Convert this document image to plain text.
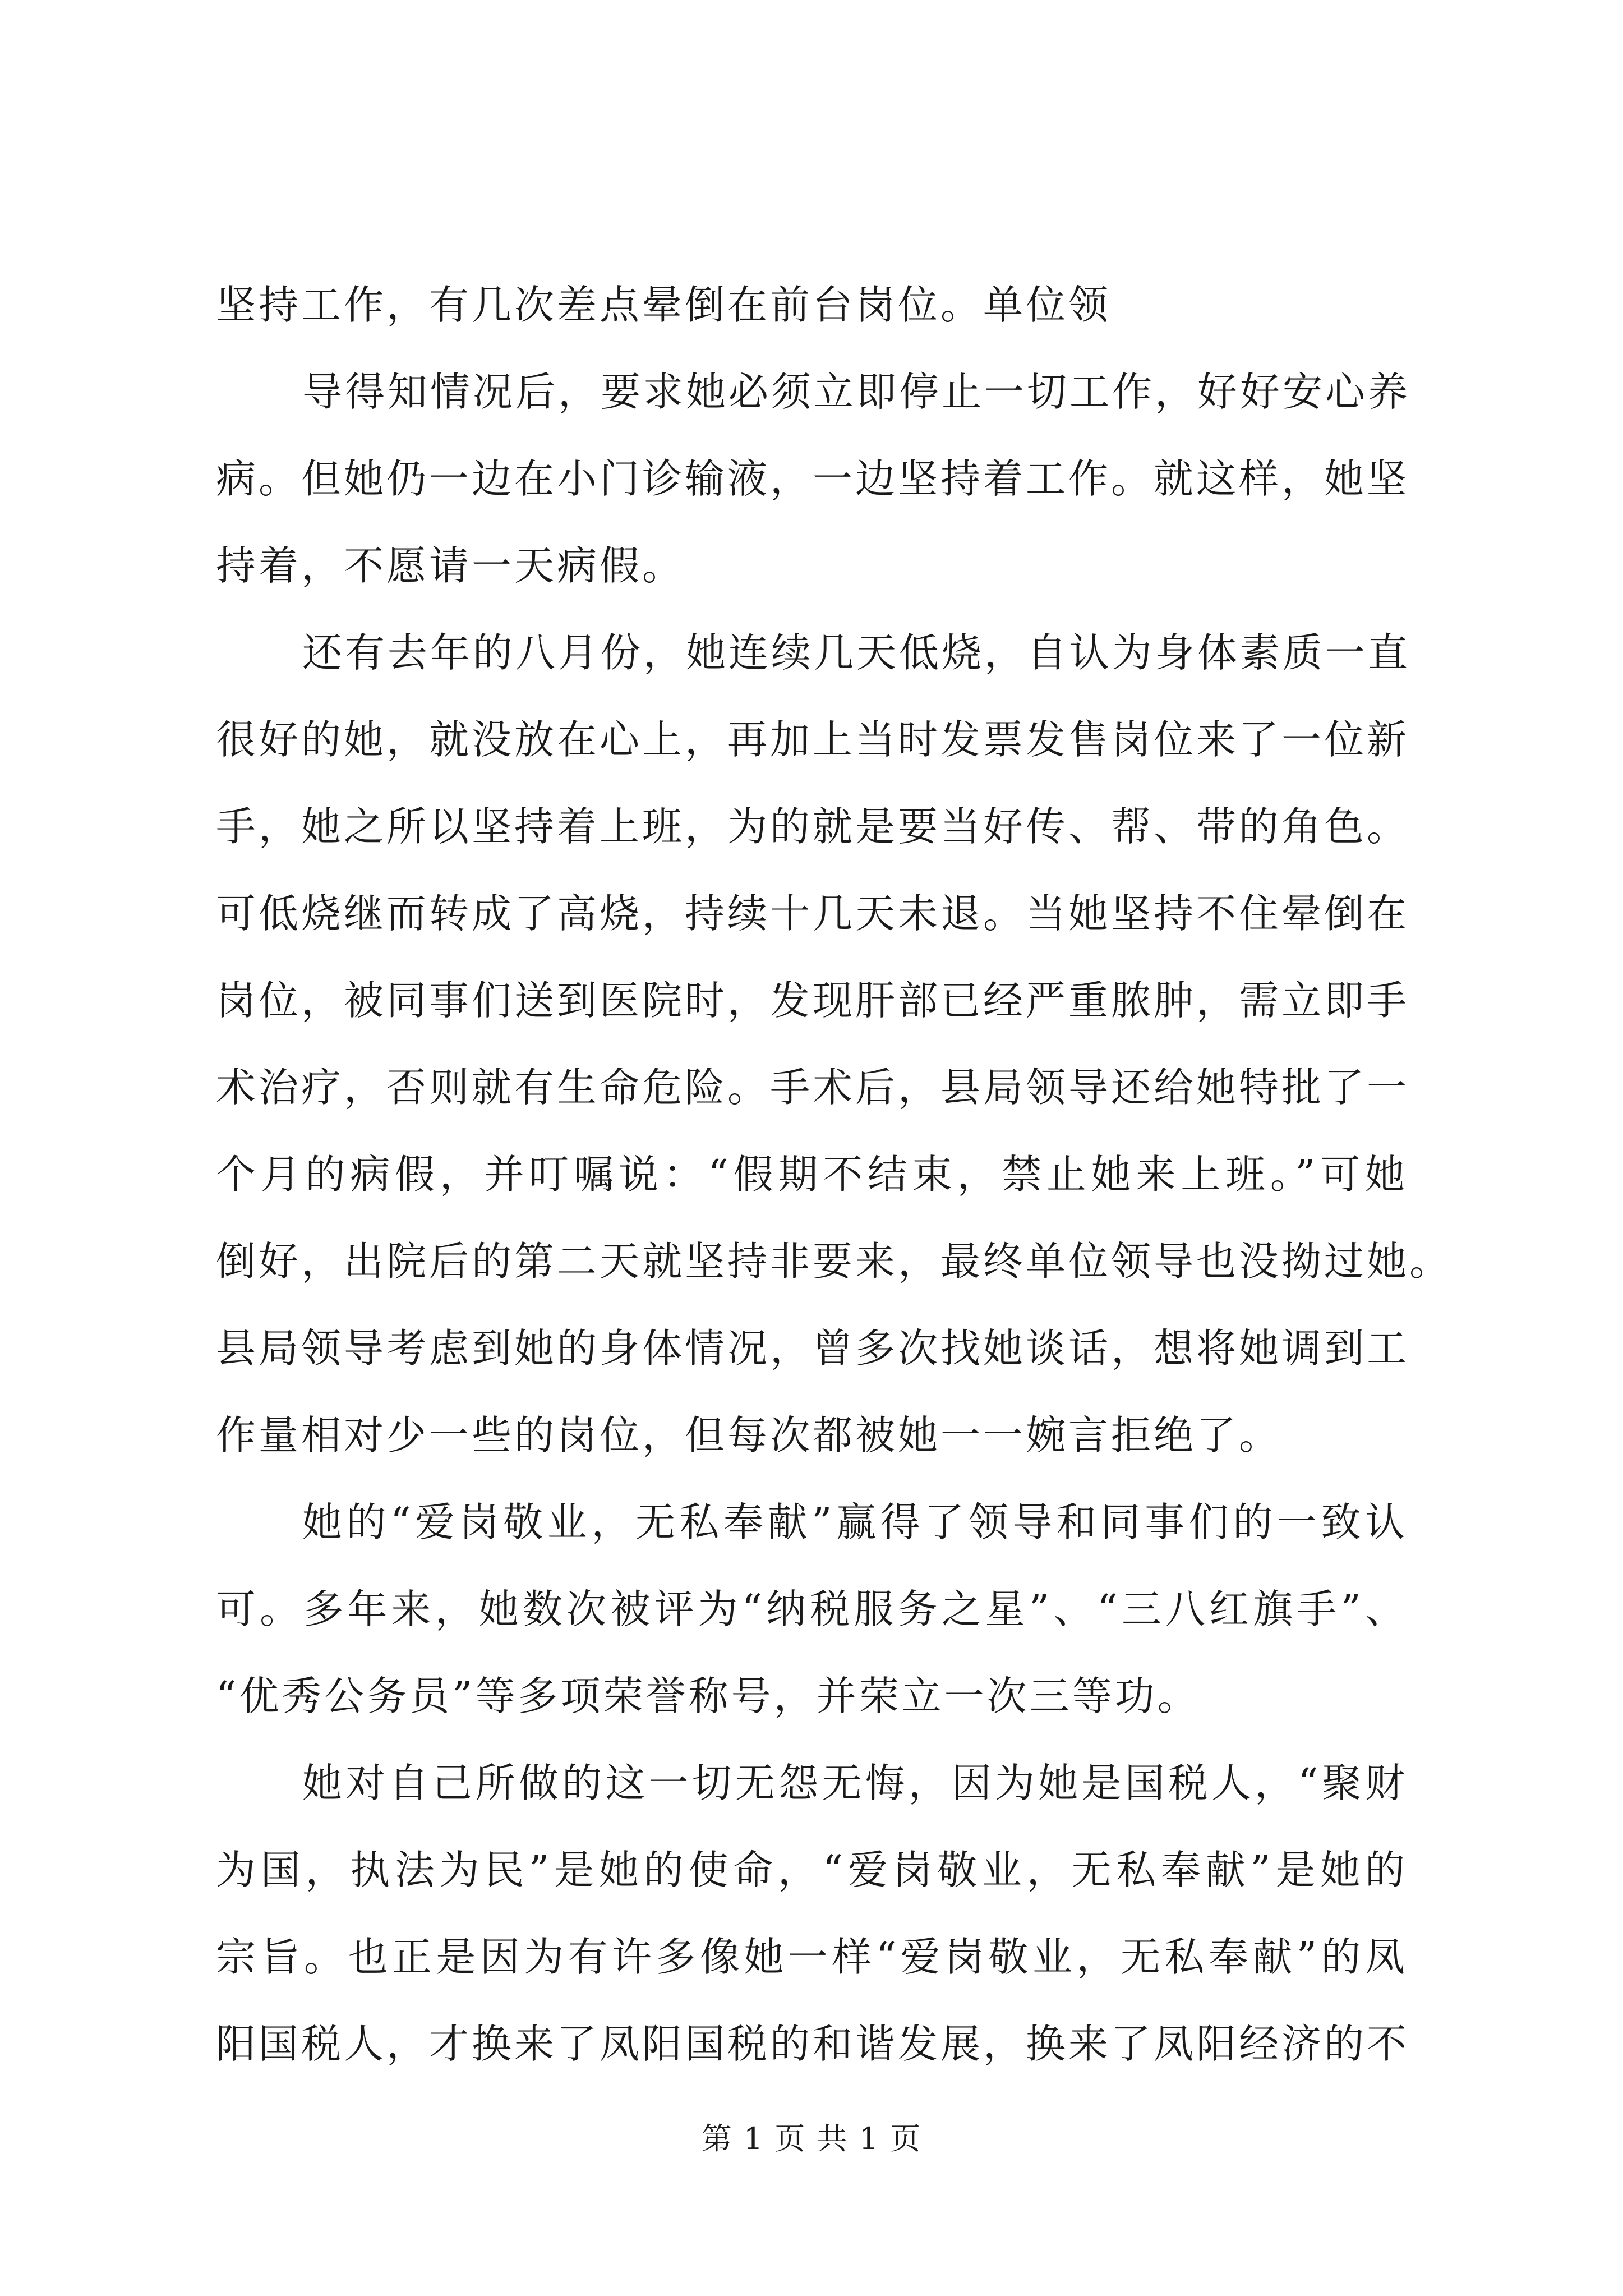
坚持工作，有几次差点晕倒在前台岗位。单位领
导得知情况后，要求她必须立即停止一切工作，好好安心养
病。但她仍一边在小门诊输液，一边坚持着工作。就这样，她坚
持着，不愿请一天病假。
还有去年的八月份，她连续几天低烧，自认为身体素质一直
很好的她，就没放在心上，再加上当时发票发售岗位来了一位新
手，她之所以坚持着上班，为的就是要当好传、帮、带的角色。
可低烧继而转成了高烧，持续十几天未退。当她坚持不住晕倒在
岗位，被同事们送到医院时，发现肝部已经严重脓肿，需立即手
术治疗，否则就有生命危险。手术后，县局领导还给她特批了一
个月的病假，并叮嘱说：“假期不结束，禁止她来上班。”可她
倒好，出院后的第二天就坚持非要来，最终单位领导也没拗过她。
县局领导考虑到她的身体情况，曾多次找她谈话，想将她调到工
作量相对少一些的岗位，但每次都被她一一婉言拒绝了。
她的“爱岗敬业，无私奉献”赢得了领导和同事们的一致认
可。多年来，她数次被评为“纳税服务之星”、“三八红旗手”、
“优秀公务员”等多项荣誉称号，并荣立一次三等功。
她对自己所做的这一切无怨无悔，因为她是国税人，“聚财
为国，执法为民”是她的使命，“爱岗敬业，无私奉献”是她的
宗旨。也正是因为有许多像她一样“爱岗敬业，无私奉献”的凤
阳国税人，才换来了凤阳国税的和谐发展，换来了凤阳经济的不
第 1 页 共 1 页
